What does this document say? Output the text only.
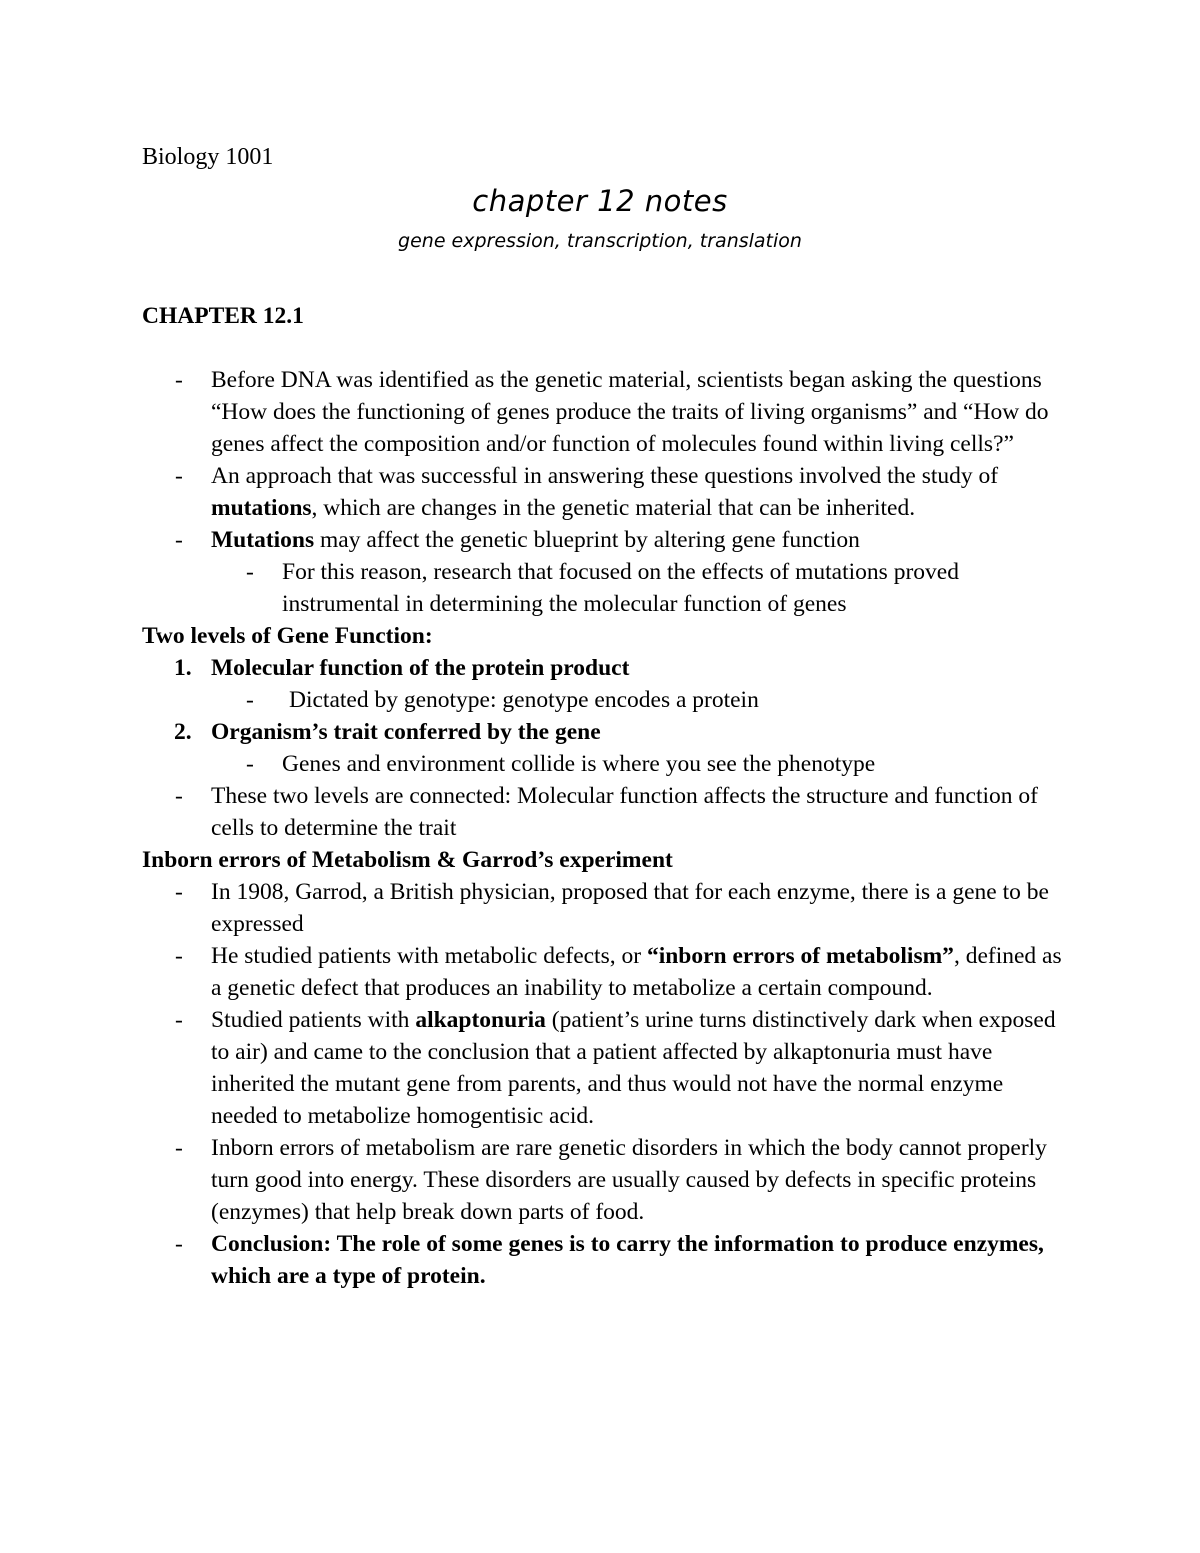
Biology 1001
chapter 12 notes
gene expression, transcription, translation
CHAPTER 12.1
- Before DNA was identified as the genetic material, scientists began asking the questions “How does the functioning of genes produce the traits of living organisms” and “How do genes affect the composition and/or function of molecules found within living cells?”
- An approach that was successful in answering these questions involved the study of mutations, which are changes in the genetic material that can be inherited.
- Mutations may affect the genetic blueprint by altering gene function
- For this reason, research that focused on the effects of mutations proved instrumental in determining the molecular function of genes
Two levels of Gene Function:
1. Molecular function of the protein product
- Dictated by genotype: genotype encodes a protein
2. Organism’s trait conferred by the gene
- Genes and environment collide is where you see the phenotype
- These two levels are connected: Molecular function affects the structure and function of cells to determine the trait
Inborn errors of Metabolism & Garrod’s experiment
- In 1908, Garrod, a British physician, proposed that for each enzyme, there is a gene to be expressed
- He studied patients with metabolic defects, or “inborn errors of metabolism”, defined as a genetic defect that produces an inability to metabolize a certain compound.
- Studied patients with alkaptonuria (patient’s urine turns distinctively dark when exposed to air) and came to the conclusion that a patient affected by alkaptonuria must have inherited the mutant gene from parents, and thus would not have the normal enzyme needed to metabolize homogentisic acid.
- Inborn errors of metabolism are rare genetic disorders in which the body cannot properly turn good into energy. These disorders are usually caused by defects in specific proteins (enzymes) that help break down parts of food.
- Conclusion: The role of some genes is to carry the information to produce enzymes, which are a type of protein.
